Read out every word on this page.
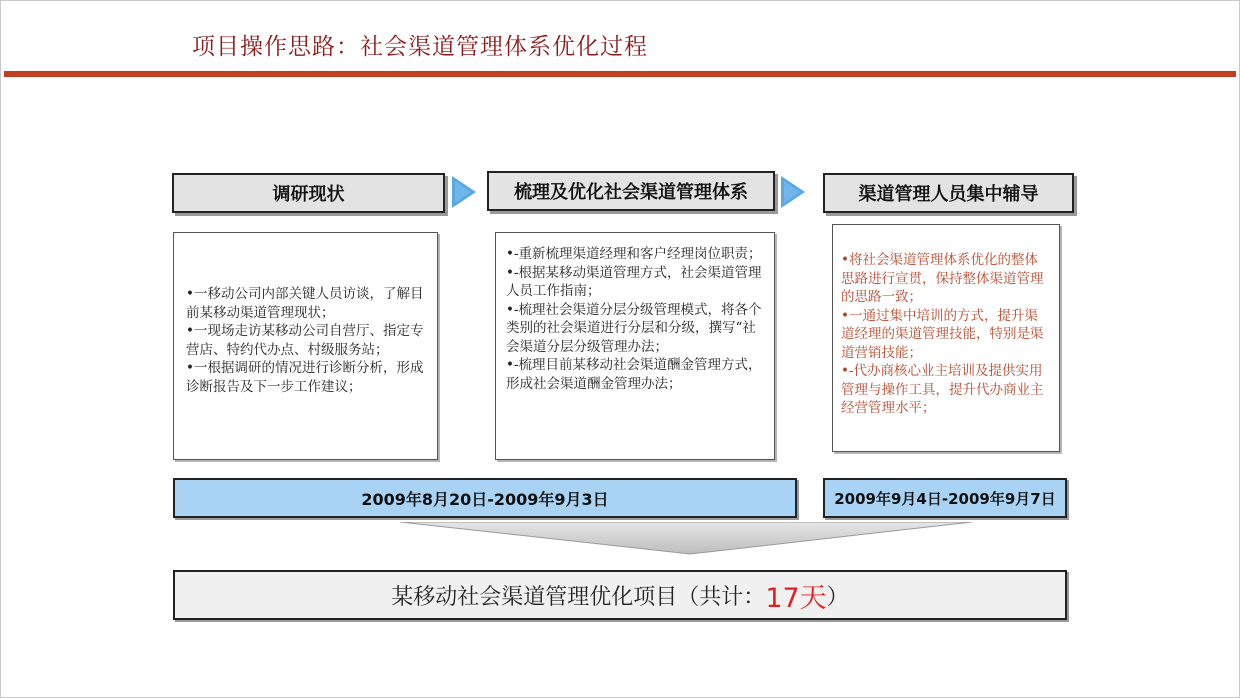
项目操作思路：社会渠道管理体系优化过程
调研现状	梳理及优化社会渠道管理体系	渠道管理人员集中辅导

•一移动公司内部关键人员访谈，了解目前某移动渠道管理现状；

•一现场走访某移动公司自营厅、指定专营店、特约代办点、村级服务站；

•一根据调研的情况进行诊断分析，形成诊断报告及下一步工作建议；

•-重新梳理渠道经理和客户经理岗位职责；

•-根据某移动渠道管理方式，社会渠道管理人员工作指南；

•-梳理社会渠道分层分级管理模式，将各个类别的社会渠道进行分层和分级，撰写“社会渠道分层分级管理办法；

•-梳理目前某移动社会渠道酬金管理方式，形成社会渠道酬金管理办法；

•将社会渠道管理体系优化的整体思路进行宣贯，保持整体渠道管理的思路一致；

•一通过集中培训的方式，提升渠道经理的渠道管理技能，特别是渠道营销技能；

•-代办商核心业主培训及提供实用管理与操作工具，提升代办商业主经营管理水平；

2009年8月20日-2009年9月3日	2009年9月4日-2009年9月7日
某移动社会渠道管理优化项目（共计： 17天 ）
